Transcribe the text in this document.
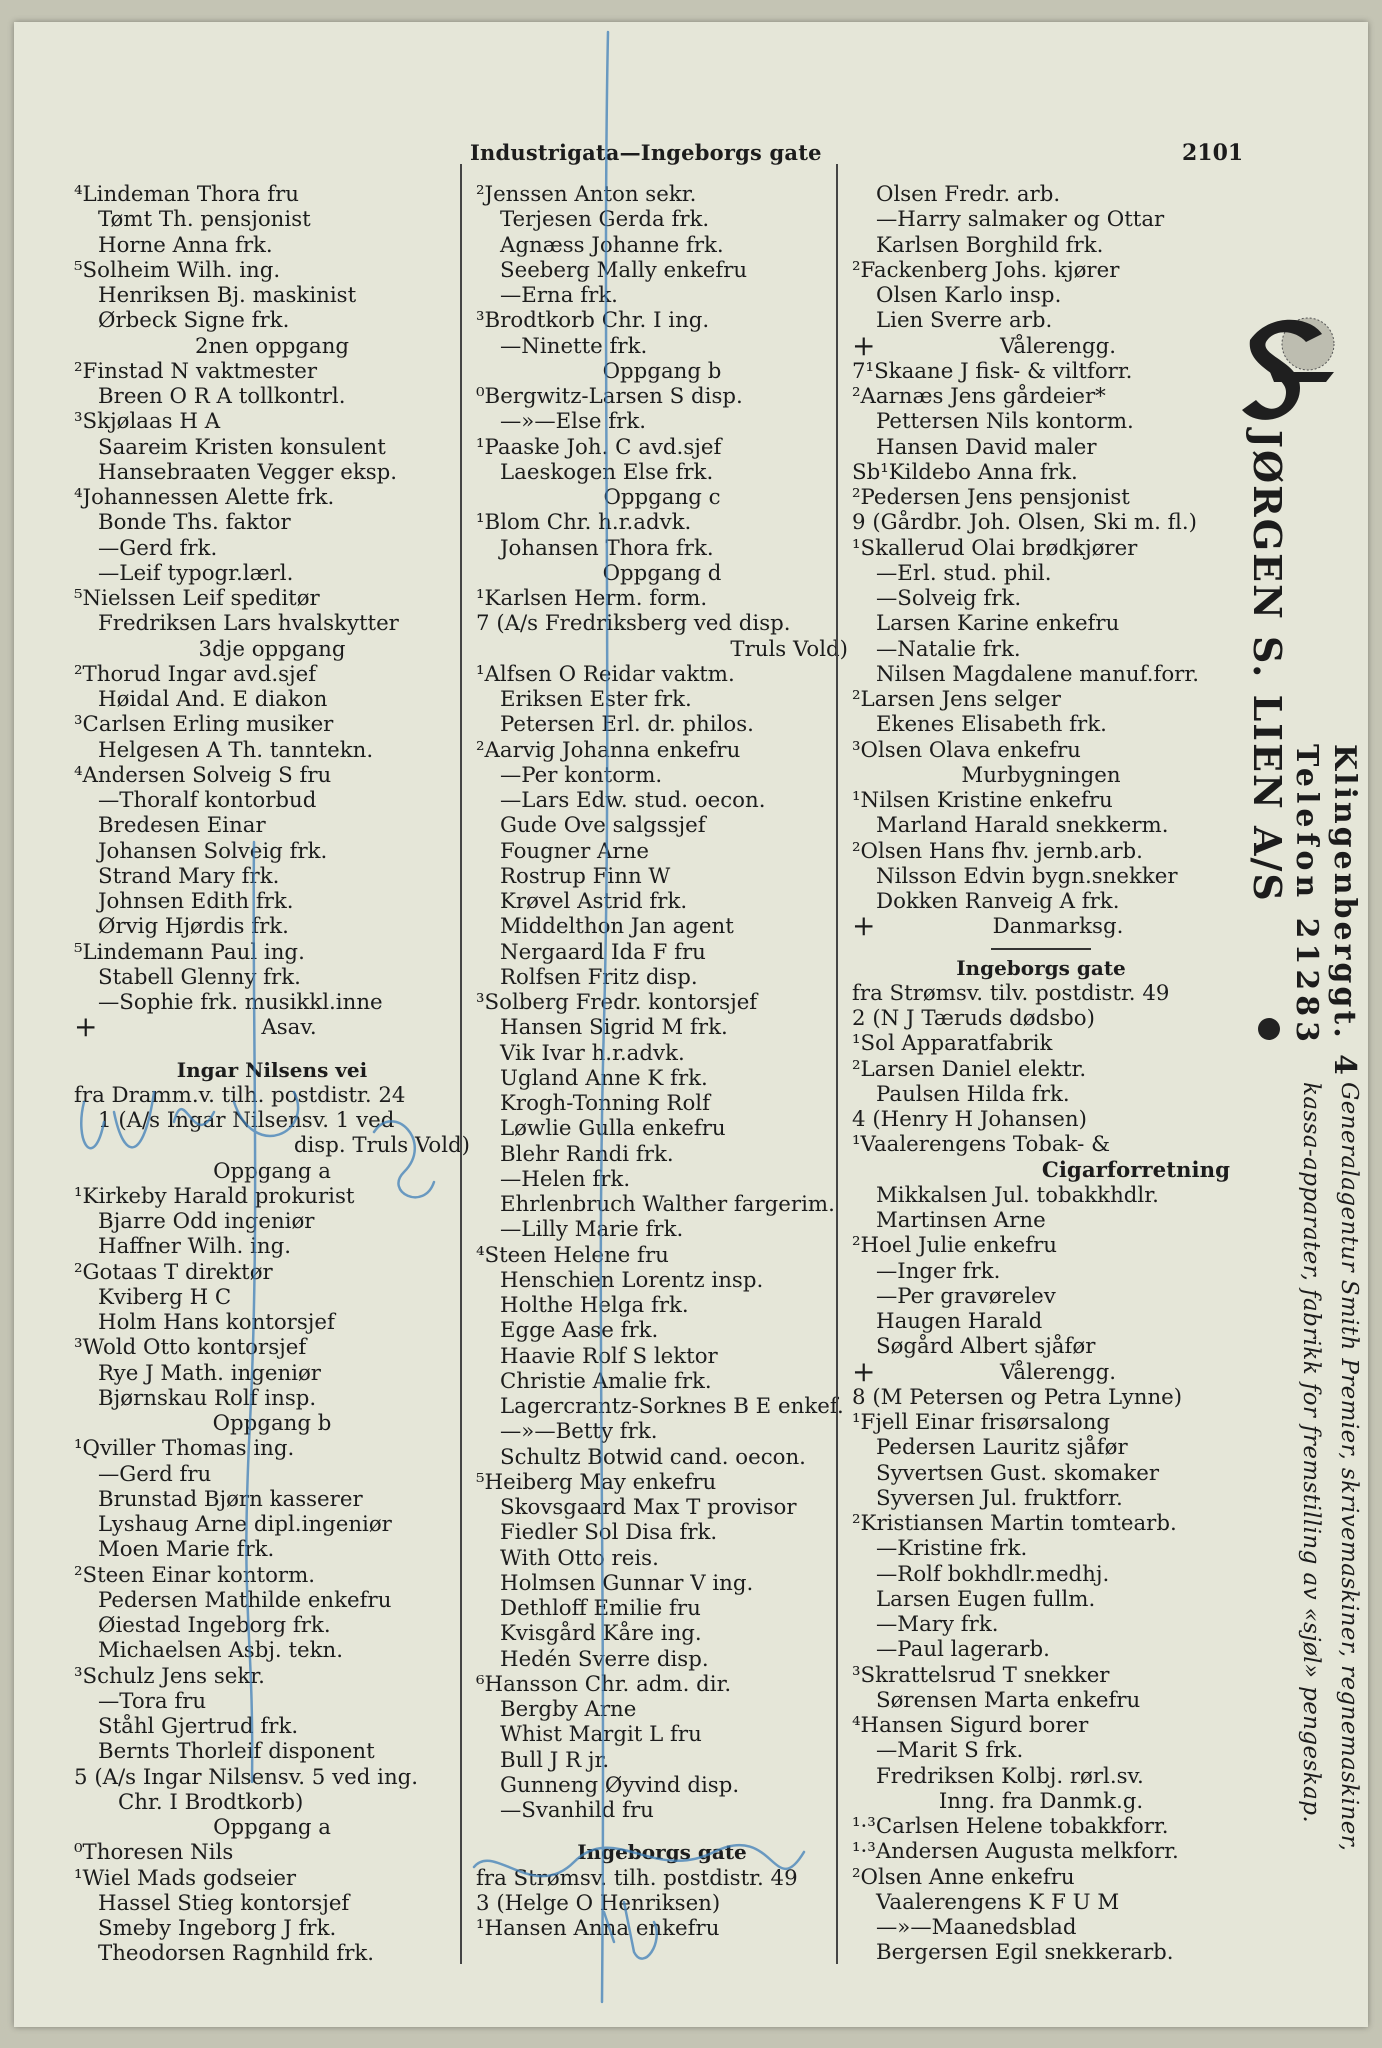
Industrigata—Ingeborgs gate	2101
⁴Lindeman Thora fru
Tømt Th. pensjonist
Horne Anna frk.
⁵Solheim Wilh. ing.
Henriksen Bj. maskinist
Ørbeck Signe frk.
2nen oppgang
²Finstad N vaktmester
Breen O R A tollkontrl.
³Skjølaas H A
Saareim Kristen konsulent
Hansebraaten Vegger eksp.
⁴Johannessen Alette frk.
Bonde Ths. faktor
—Gerd frk.
—Leif typogr.lærl.
⁵Nielssen Leif speditør
Fredriksen Lars hvalskytter
3dje oppgang
²Thorud Ingar avd.sjef
Høidal And. E diakon
³Carlsen Erling musiker
Helgesen A Th. tanntekn.
⁴Andersen Solveig S fru
—Thoralf kontorbud
Bredesen Einar
Johansen Solveig frk.
Strand Mary frk.
Johnsen Edith frk.
Ørvig Hjørdis frk.
⁵Lindemann Paul ing.
Stabell Glenny frk.
—Sophie frk. musikkl.inne
+	Asav.
Ingar Nilsens vei
fra Dramm.v. tilh. postdistr. 24
1 (A/s Ingar Nilsensv. 1 ved
disp. Truls Vold)
Oppgang a
¹Kirkeby Harald prokurist
Bjarre Odd ingeniør
Haffner Wilh. ing.
²Gotaas T direktør
Kviberg H C
Holm Hans kontorsjef
³Wold Otto kontorsjef
Rye J Math. ingeniør
Bjørnskau Rolf insp.
Oppgang b
¹Qviller Thomas ing.
—Gerd fru
Brunstad Bjørn kasserer
Lyshaug Arne dipl.ingeniør
Moen Marie frk.
²Steen Einar kontorm.
Pedersen Mathilde enkefru
Øiestad Ingeborg frk.
Michaelsen Asbj. tekn.
³Schulz Jens sekr.
—Tora fru
Ståhl Gjertrud frk.
Bernts Thorleif disponent
5 (A/s Ingar Nilsensv. 5 ved ing.
Chr. I Brodtkorb)
Oppgang a
⁰Thoresen Nils
¹Wiel Mads godseier
Hassel Stieg kontorsjef
Smeby Ingeborg J frk.
Theodorsen Ragnhild frk.
²Jenssen Anton sekr.
Terjesen Gerda frk.
Agnæss Johanne frk.
Seeberg Mally enkefru
—Erna frk.
³Brodtkorb Chr. I ing.
—Ninette frk.
Oppgang b
⁰Bergwitz-Larsen S disp.
—»—Else frk.
¹Paaske Joh. C avd.sjef
Laeskogen Else frk.
Oppgang c
¹Blom Chr. h.r.advk.
Johansen Thora frk.
Oppgang d
¹Karlsen Herm. form.
7 (A/s Fredriksberg ved disp.
Truls Vold)
¹Alfsen O Reidar vaktm.
Eriksen Ester frk.
Petersen Erl. dr. philos.
²Aarvig Johanna enkefru
—Per kontorm.
—Lars Edw. stud. oecon.
Gude Ove salgssjef
Fougner Arne
Rostrup Finn W
Krøvel Astrid frk.
Middelthon Jan agent
Nergaard Ida F fru
Rolfsen Fritz disp.
³Solberg Fredr. kontorsjef
Hansen Sigrid M frk.
Vik Ivar h.r.advk.
Ugland Anne K frk.
Krogh-Tonning Rolf
Løwlie Gulla enkefru
Blehr Randi frk.
—Helen frk.
Ehrlenbruch Walther fargerim.
—Lilly Marie frk.
⁴Steen Helene fru
Henschien Lorentz insp.
Holthe Helga frk.
Egge Aase frk.
Haavie Rolf S lektor
Christie Amalie frk.
Lagercrantz-Sorknes B E enkef.
—»—Betty frk.
Schultz Botwid cand. oecon.
⁵Heiberg May enkefru
Skovsgaard Max T provisor
Fiedler Sol Disa frk.
With Otto reis.
Holmsen Gunnar V ing.
Dethloff Emilie fru
Kvisgård Kåre ing.
Hedén Sverre disp.
⁶Hansson Chr. adm. dir.
Bergby Arne
Whist Margit L fru
Bull J R jr.
Gunneng Øyvind disp.
—Svanhild fru
Ingeborgs gate
fra Strømsv. tilh. postdistr. 49
3 (Helge O Henriksen)
¹Hansen Anna enkefru
Olsen Fredr. arb.
—Harry salmaker og Ottar
Karlsen Borghild frk.
²Fackenberg Johs. kjører
Olsen Karlo insp.
Lien Sverre arb.
+	Vålerengg.
7¹Skaane J fisk- & viltforr.
²Aarnæs Jens gårdeier*
Pettersen Nils kontorm.
Hansen David maler
Sb¹Kildebo Anna frk.
²Pedersen Jens pensjonist
9 (Gårdbr. Joh. Olsen, Ski m. fl.)
¹Skallerud Olai brødkjører
—Erl. stud. phil.
—Solveig frk.
Larsen Karine enkefru
—Natalie frk.
Nilsen Magdalene manuf.forr.
²Larsen Jens selger
Ekenes Elisabeth frk.
³Olsen Olava enkefru
Murbygningen
¹Nilsen Kristine enkefru
Marland Harald snekkerm.
²Olsen Hans fhv. jernb.arb.
Nilsson Edvin bygn.snekker
Dokken Ranveig A frk.
+	Danmarksg.
Ingeborgs gate
fra Strømsv. tilv. postdistr. 49
2 (N J Tæruds dødsbo)
¹Sol Apparatfabrik
²Larsen Daniel elektr.
Paulsen Hilda frk.
4 (Henry H Johansen)
¹Vaalerengens Tobak- &
Cigarforretning
Mikkalsen Jul. tobakkhdlr.
Martinsen Arne
²Hoel Julie enkefru
—Inger frk.
—Per gravørelev
Haugen Harald
Søgård Albert sjåfør
+	Vålerengg.
8 (M Petersen og Petra Lynne)
¹Fjell Einar frisørsalong
Pedersen Lauritz sjåfør
Syvertsen Gust. skomaker
Syversen Jul. fruktforr.
²Kristiansen Martin tomtearb.
—Kristine frk.
—Rolf bokhdlr.medhj.
Larsen Eugen fullm.
—Mary frk.
—Paul lagerarb.
³Skrattelsrud T snekker
Sørensen Marta enkefru
⁴Hansen Sigurd borer
—Marit S frk.
Fredriksen Kolbj. rørl.sv.
Inng. fra Danmk.g.
¹·³Carlsen Helene tobakkforr.
¹·³Andersen Augusta melkforr.
²Olsen Anne enkefru
Vaalerengens K F U M
—»—Maanedsblad
Bergersen Egil snekkerarb.
JØRGEN S. LIEN A/S
Klingenberggt. 4
Telefon 21283
Generalagentur Smith Premier, skrivemaskiner, regnemaskiner,
kassa-apparater, fabrikk for fremstilling av «sjøl» pengeskap.
